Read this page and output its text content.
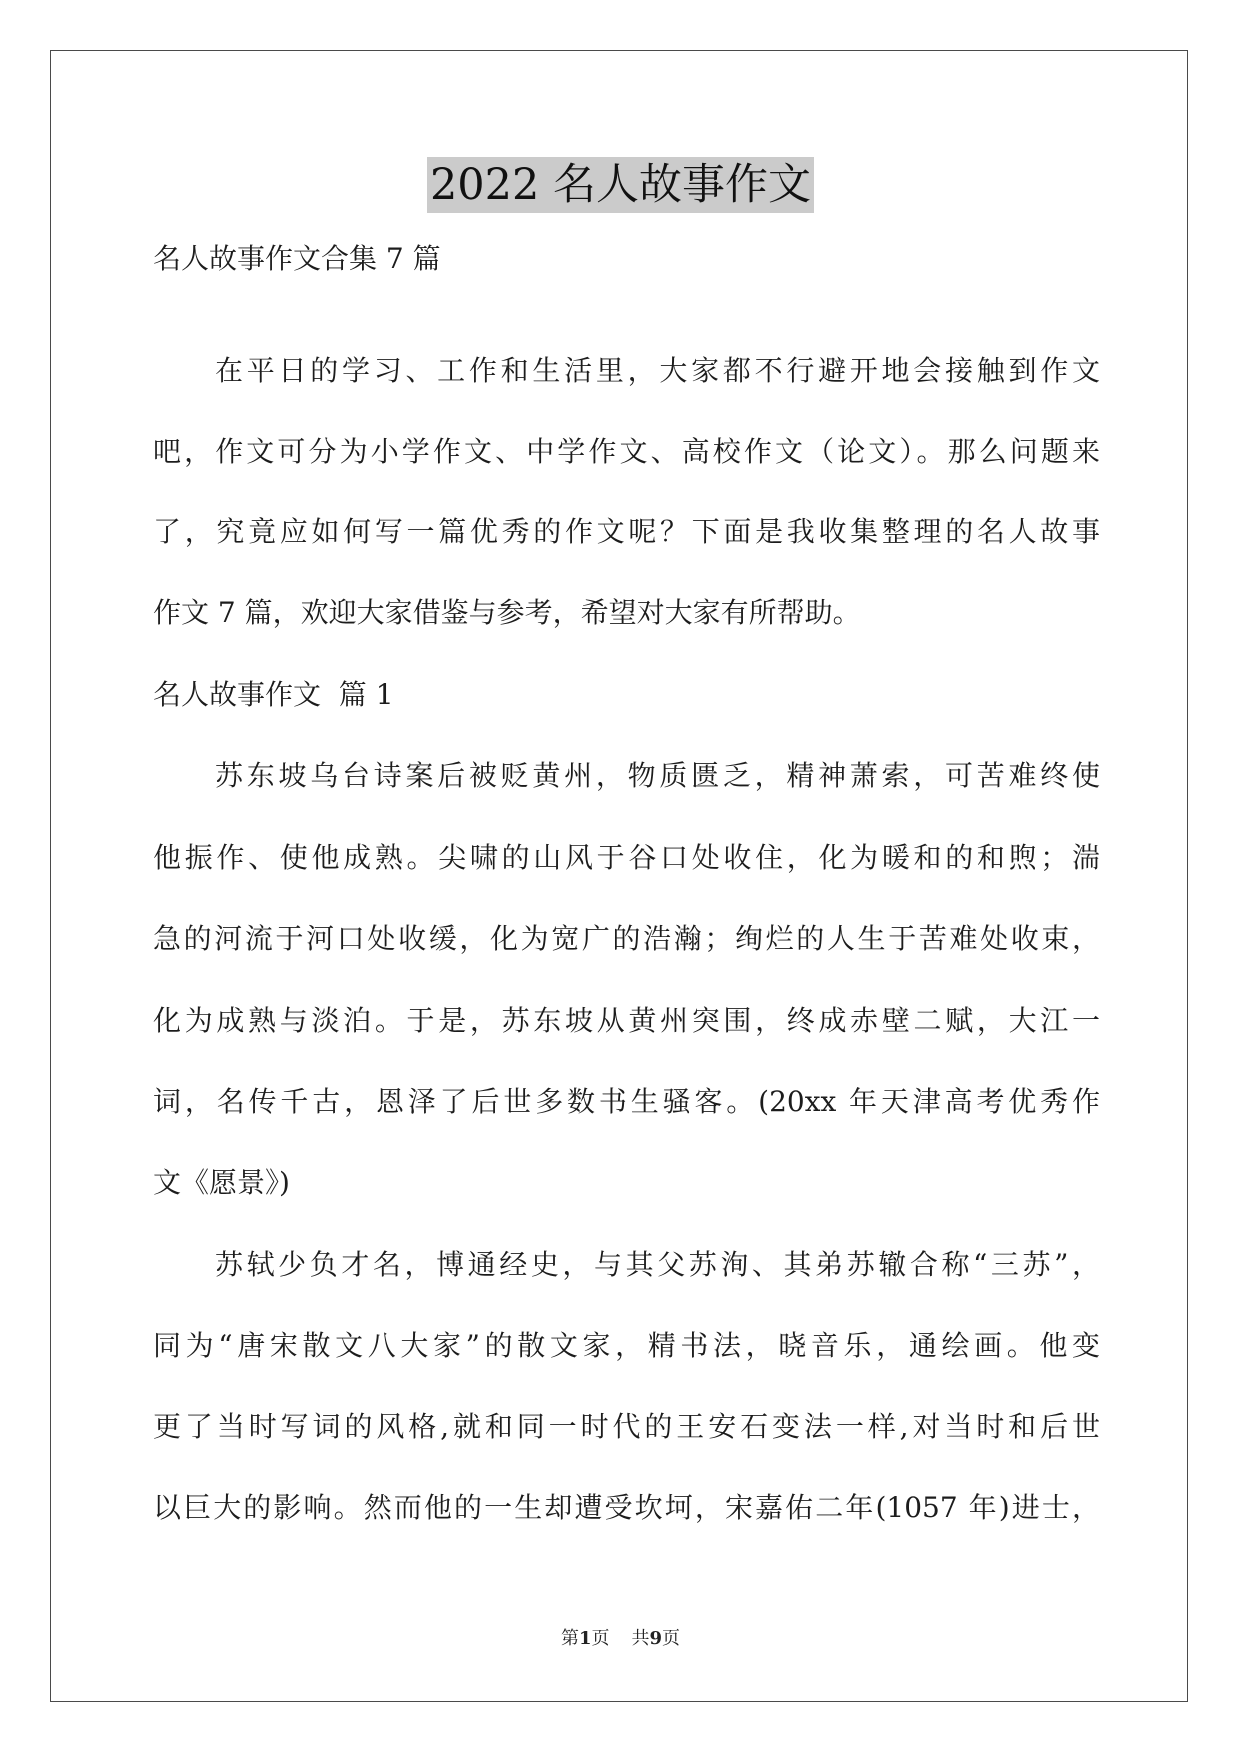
2022 名人故事作文
名人故事作文合集 7 篇
在平日的学习、工作和生活里，大家都不行避开地会接触到作文
吧，作文可分为小学作文、中学作文、高校作文（论文）。那么问题来
了，究竟应如何写一篇优秀的作文呢？下面是我收集整理的名人故事
作文 7 篇，欢迎大家借鉴与参考，希望对大家有所帮助。
名人故事作文  篇 1
苏东坡乌台诗案后被贬黄州，物质匮乏，精神萧索，可苦难终使
他振作、使他成熟。尖啸的山风于谷口处收住，化为暖和的和煦；湍
急的河流于河口处收缓，化为宽广的浩瀚；绚烂的人生于苦难处收束，
化为成熟与淡泊。于是，苏东坡从黄州突围，终成赤壁二赋，大江一
词，名传千古，恩泽了后世多数书生骚客。(20xx 年天津高考优秀作
文《愿景》)
苏轼少负才名，博通经史，与其父苏洵、其弟苏辙合称“三苏”，
同为“唐宋散文八大家”的散文家，精书法，晓音乐，通绘画。他变
更了当时写词的风格,就和同一时代的王安石变法一样,对当时和后世
以巨大的影响。然而他的一生却遭受坎坷，宋嘉佑二年(1057 年)进士，
第1页 共9页
